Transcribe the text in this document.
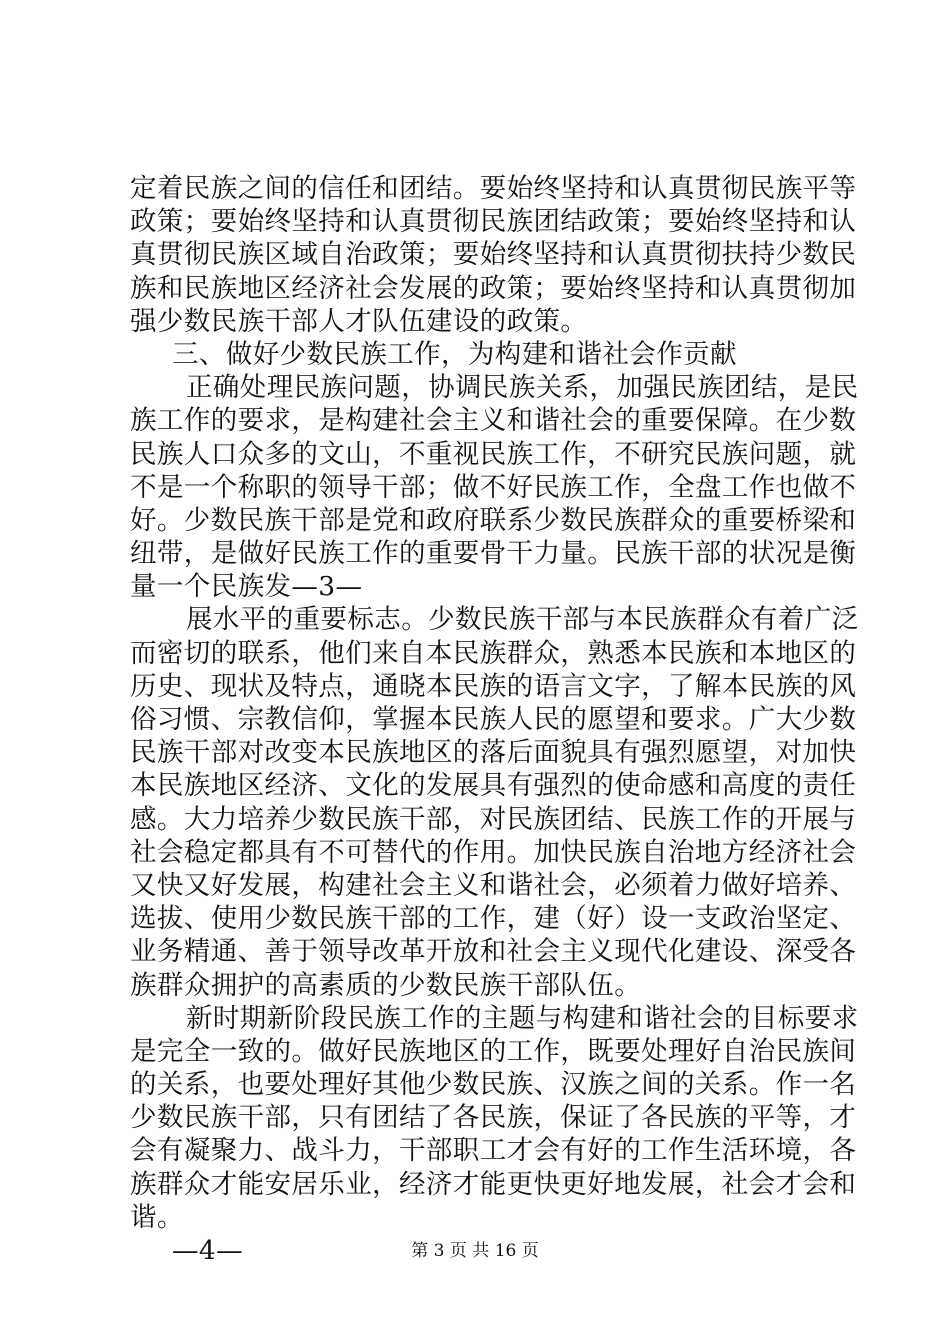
定着民族之间的信任和团结。要始终坚持和认真贯彻民族平等
政策；要始终坚持和认真贯彻民族团结政策；要始终坚持和认
真贯彻民族区域自治政策；要始终坚持和认真贯彻扶持少数民
族和民族地区经济社会发展的政策；要始终坚持和认真贯彻加
强少数民族干部人才队伍建设的政策。
三、做好少数民族工作，为构建和谐社会作贡献
正确处理民族问题，协调民族关系，加强民族团结，是民
族工作的要求，是构建社会主义和谐社会的重要保障。在少数
民族人口众多的文山，不重视民族工作，不研究民族问题，就
不是一个称职的领导干部；做不好民族工作，全盘工作也做不
好。少数民族干部是党和政府联系少数民族群众的重要桥梁和
纽带，是做好民族工作的重要骨干力量。民族干部的状况是衡
量一个民族发—3—
展水平的重要标志。少数民族干部与本民族群众有着广泛
而密切的联系，他们来自本民族群众，熟悉本民族和本地区的
历史、现状及特点，通晓本民族的语言文字，了解本民族的风
俗习惯、宗教信仰，掌握本民族人民的愿望和要求。广大少数
民族干部对改变本民族地区的落后面貌具有强烈愿望，对加快
本民族地区经济、文化的发展具有强烈的使命感和高度的责任
感。大力培养少数民族干部，对民族团结、民族工作的开展与
社会稳定都具有不可替代的作用。加快民族自治地方经济社会
又快又好发展，构建社会主义和谐社会，必须着力做好培养、
选拔、使用少数民族干部的工作，建（好）设一支政治坚定、
业务精通、善于领导改革开放和社会主义现代化建设、深受各
族群众拥护的高素质的少数民族干部队伍。
新时期新阶段民族工作的主题与构建和谐社会的目标要求
是完全一致的。做好民族地区的工作，既要处理好自治民族间
的关系，也要处理好其他少数民族、汉族之间的关系。作一名
少数民族干部，只有团结了各民族，保证了各民族的平等，才
会有凝聚力、战斗力，干部职工才会有好的工作生活环境，各
族群众才能安居乐业，经济才能更快更好地发展，社会才会和
谐。
—4—	第 3 页 共 16 页
